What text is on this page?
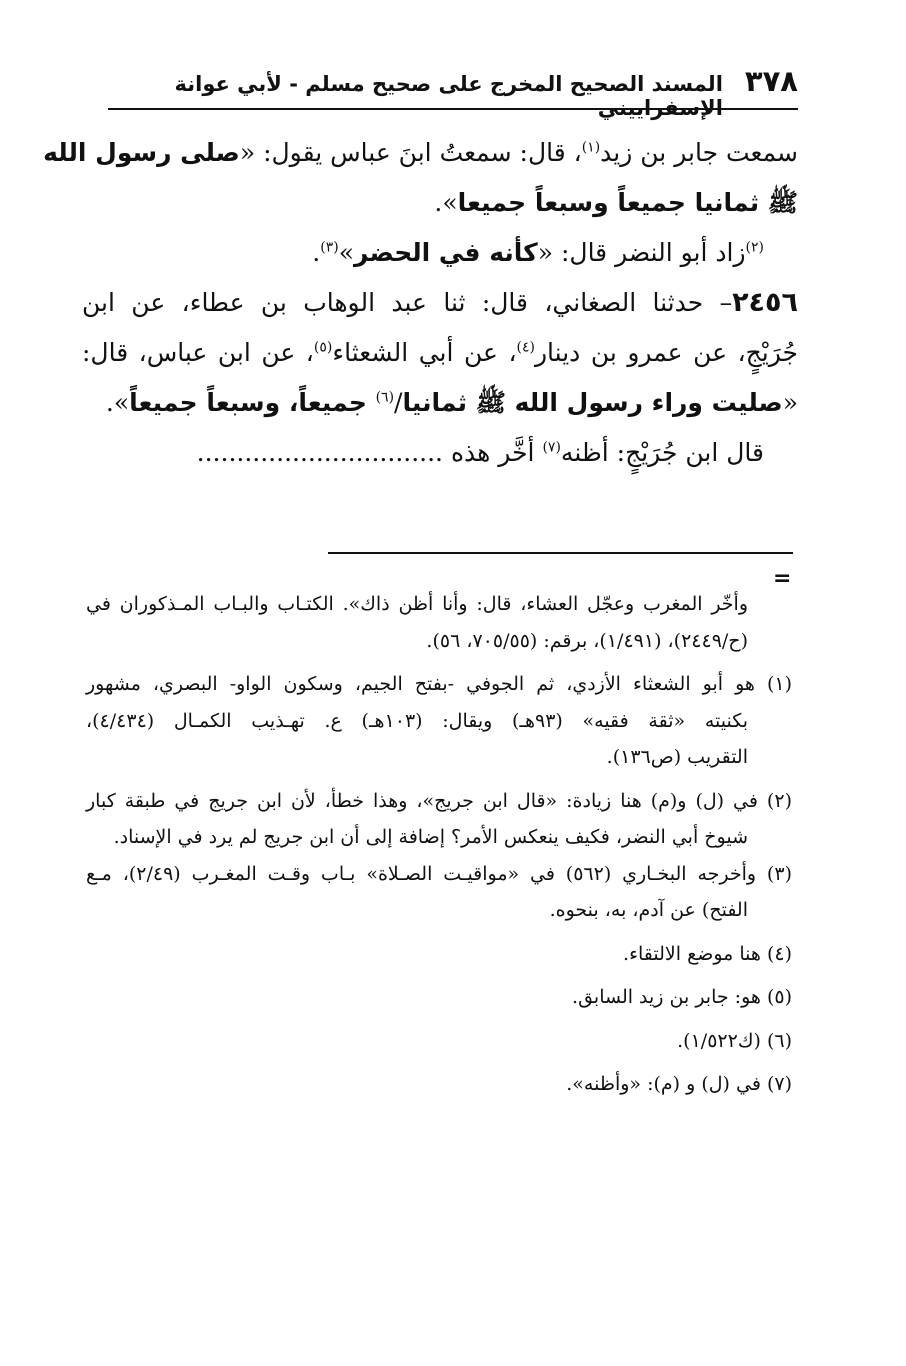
٣٧٨
المسند الصحيح المخرج على صحيح مسلم - لأبي عوانة الإسفراييني
سمعت جابر بن زيد$^{(١)}$، قال: سمعتُ ابنَ عباس يقول: «صلى رسول الله
ﷺ ثمانيا جميعاً وسبعاً جميعا».
$^{(٢)}$زاد أبو النضر قال: «كأنه في الحضر»$^{(٣)}$.
٢٤٥٦– حدثنا الصغاني، قال: ثنا عبد الوهاب بن عطاء، عن ابن
جُرَيْجٍ، عن عمرو بن دينار$^{(٤)}$، عن أبي الشعثاء$^{(٥)}$، عن ابن عباس، قال:
«صليت وراء رسول الله ﷺ ثمانيا/$^{(٦)}$ جميعاً، وسبعاً جميعاً».
قال ابن جُرَيْجٍ: أظنه$^{(٧)}$ أخَّر هذه ...............................
=
وأخّر المغرب وعجّل العشاء، قال: وأنا أظن ذاك». الكتـاب والبـاب المـذكوران في
(ح/٢٤٤٩)، (١/٤٩١)، برقم: (٧٠٥/٥٥، ٥٦).
(١) هو أبو الشعثاء الأزدي، ثم الجوفي -بفتح الجيم، وسكون الواو- البصري، مشهور
بكنيته «ثقة فقيه» (٩٣هـ) ويقال: (١٠٣هـ) ع. تهـذيب الكمـال (٤/٤٣٤)،
التقريب (ص١٣٦).
(٢) في (ل) و(م) هنا زيادة: «قال ابن جريج»، وهذا خطأ، لأن ابن جريج في طبقة كبار
شيوخ أبي النضر، فكيف ينعكس الأمر؟ إضافة إلى أن ابن جريج لم يرد في الإسناد.
(٣) وأخرجه البخـاري (٥٦٢) في «مواقيـت الصـلاة» بـاب وقـت المغـرب (٢/٤٩)، مـع
الفتح) عن آدم، به، بنحوه.
(٤) هنا موضع الالتقاء.
(٥) هو: جابر بن زيد السابق.
(٦) (ك١/٥٢٢).
(٧) في (ل) و (م): «وأظنه».
